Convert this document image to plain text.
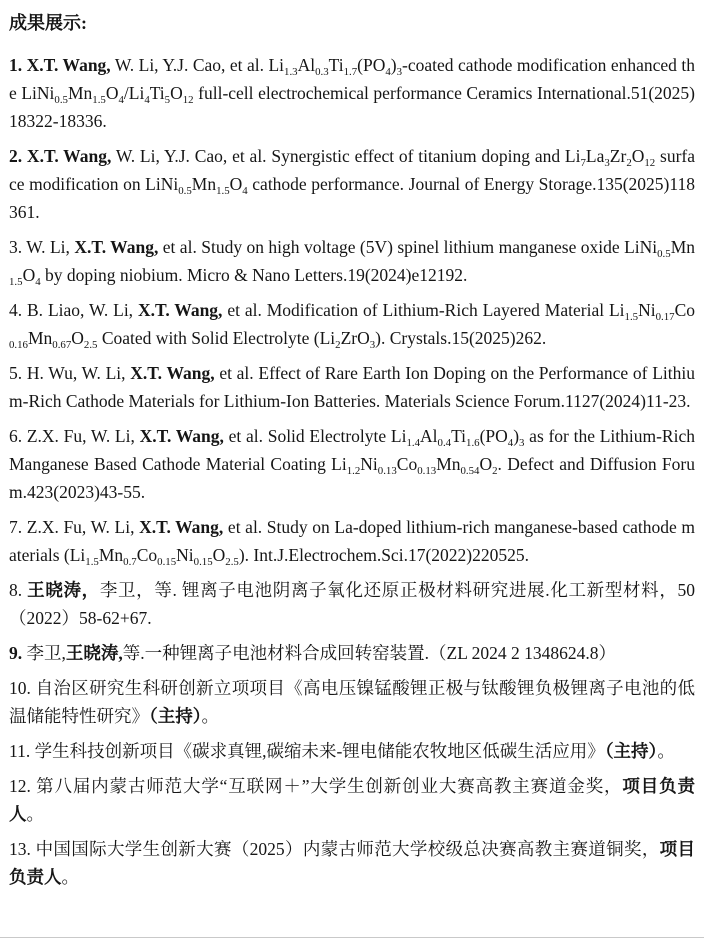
成果展示:

1. X.T. Wang, W. Li, Y.J. Cao, et al. $Li_{1.3}Al_{0.3}Ti_{1.7}(PO_4)_3$-coated cathode modification enhanced the $LiNi_{0.5}Mn_{1.5}O_4/Li_4Ti_5O_{12}$ full-cell electrochemical performance Ceramics International.51(2025)18322-18336.

2. X.T. Wang, W. Li, Y.J. Cao, et al. Synergistic effect of titanium doping and $Li_7La_3Zr_2O_{12}$ surface modification on $LiNi_{0.5}Mn_{1.5}O_4$ cathode performance. Journal of Energy Storage.135(2025)118361.

3. W. Li, X.T. Wang, et al. Study on high voltage (5V) spinel lithium manganese oxide $LiNi_{0.5}Mn_{1.5}O_4$ by doping niobium. Micro & Nano Letters.19(2024)e12192.

4. B. Liao, W. Li, X.T. Wang, et al. Modification of Lithium-Rich Layered Material $Li_{1.5}Ni_{0.17}Co_{0.16}Mn_{0.67}O_{2.5}$ Coated with Solid Electrolyte $(Li_2ZrO_3)$. Crystals.15(2025)262.

5. H. Wu, W. Li, X.T. Wang, et al. Effect of Rare Earth Ion Doping on the Performance of Lithium-Rich Cathode Materials for Lithium-Ion Batteries. Materials Science Forum.1127(2024)11-23.

6. Z.X. Fu, W. Li, X.T. Wang, et al. Solid Electrolyte $Li_{1.4}Al_{0.4}Ti_{1.6}(PO_4)_3$ as for the Lithium-Rich Manganese Based Cathode Material Coating $Li_{1.2}Ni_{0.13}Co_{0.13}Mn_{0.54}O_2$. Defect and Diffusion Forum.423(2023)43-55.

7. Z.X. Fu, W. Li, X.T. Wang, et al. Study on La-doped lithium-rich manganese-based cathode materials $(Li_{1.5}Mn_{0.7}Co_{0.15}Ni_{0.15}O_{2.5})$. Int.J.Electrochem.Sci.17(2022)220525.

8. 王晓涛，李卫，等. 锂离子电池阴离子氧化还原正极材料研究进展.化工新型材料，50（2022）58-62+67.

9. 李卫,王晓涛,等.一种锂离子电池材料合成回转窑装置.（ZL 2024 2 1348624.8）

10. 自治区研究生科研创新立项项目《高电压镍锰酸锂正极与钛酸锂负极锂离子电池的低温储能特性研究》（主持）。

11. 学生科技创新项目《碳求真锂,碳缩未来-锂电储能农牧地区低碳生活应用》（主持）。

12. 第八届内蒙古师范大学“互联网＋”大学生创新创业大赛高教主赛道金奖，项目负责人。

13. 中国国际大学生创新大赛（2025）内蒙古师范大学校级总决赛高教主赛道铜奖，项目负责人。
